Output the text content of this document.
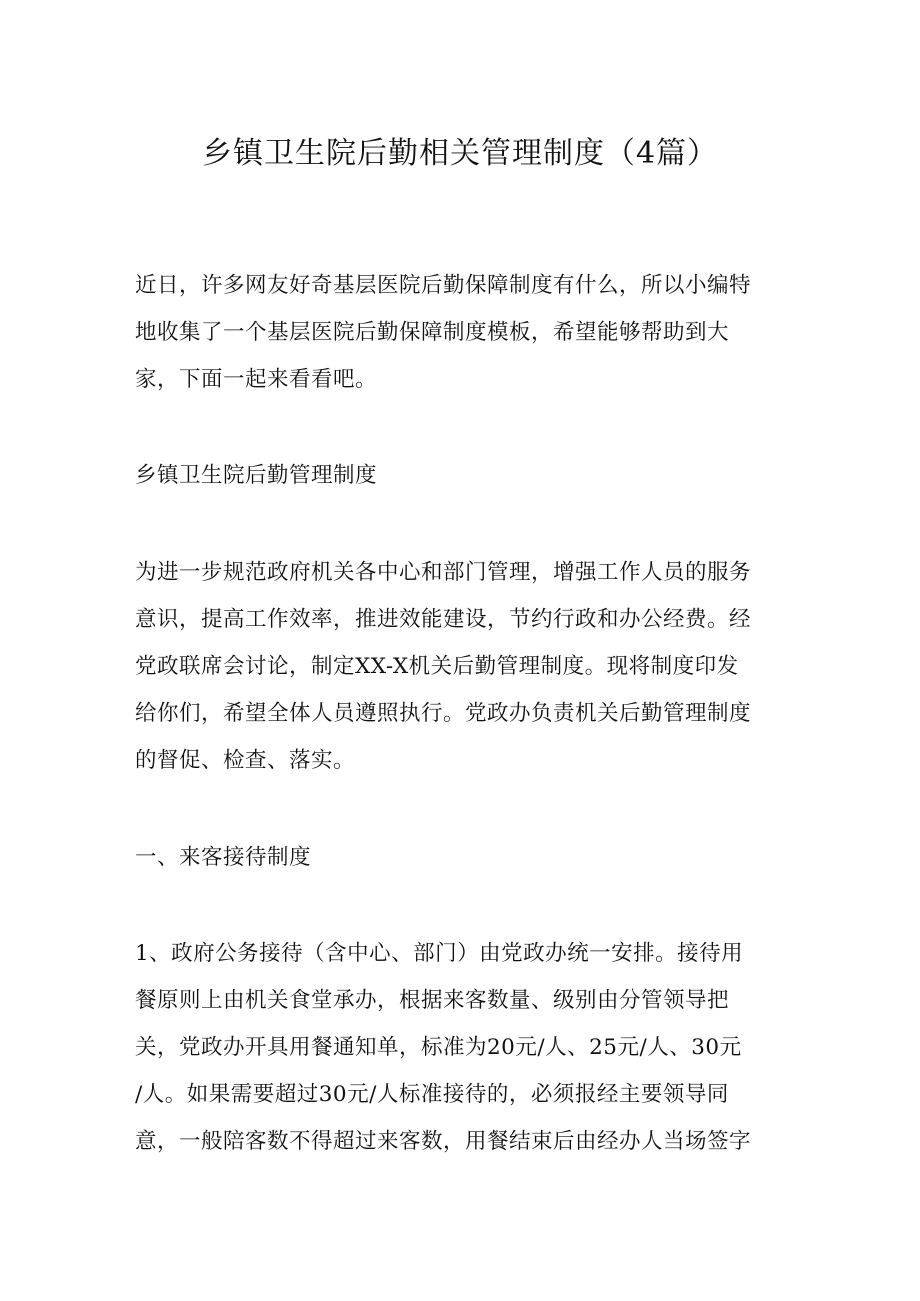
乡镇卫生院后勤相关管理制度（4篇）
近日，许多网友好奇基层医院后勤保障制度有什么，所以小编特
地收集了一个基层医院后勤保障制度模板，希望能够帮助到大
家，下面一起来看看吧。
乡镇卫生院后勤管理制度
为进一步规范政府机关各中心和部门管理，增强工作人员的服务
意识，提高工作效率，推进效能建设，节约行政和办公经费。经
党政联席会讨论，制定XX-X机关后勤管理制度。现将制度印发
给你们，希望全体人员遵照执行。党政办负责机关后勤管理制度
的督促、检查、落实。
一、来客接待制度
1、政府公务接待（含中心、部门）由党政办统一安排。接待用
餐原则上由机关食堂承办，根据来客数量、级别由分管领导把
关，党政办开具用餐通知单，标准为20元/人、25元/人、30元
/人。如果需要超过30元/人标准接待的，必须报经主要领导同
意，一般陪客数不得超过来客数，用餐结束后由经办人当场签字
